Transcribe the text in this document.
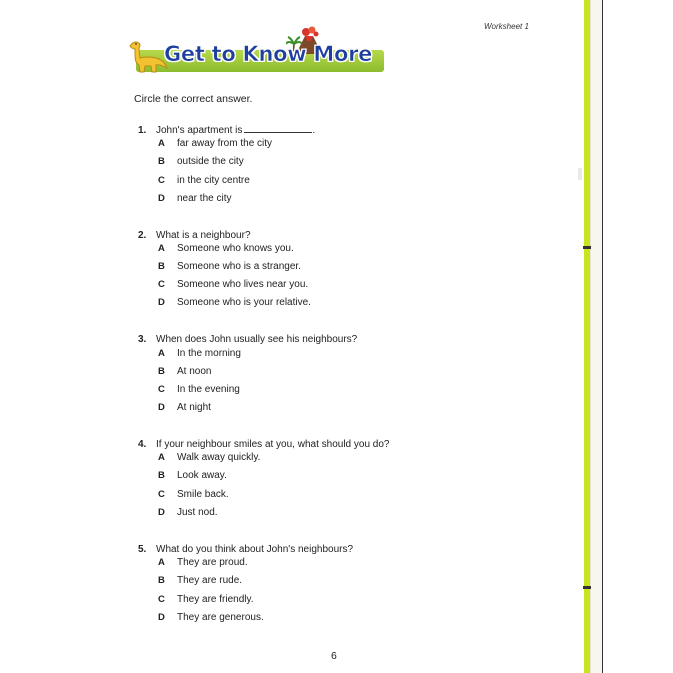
Worksheet 1
Get to Know More
Circle the correct answer.
1. John's apartment is	.
A far away from the city
B outside the city
C in the city centre
D near the city
2. What is a neighbour?
A Someone who knows you.
B Someone who is a stranger.
C Someone who lives near you.
D Someone who is your relative.
3. When does John usually see his neighbours?
A In the morning
B At noon
C In the evening
D At night
4. If your neighbour smiles at you, what should you do?
A Walk away quickly.
B Look away.
C Smile back.
D Just nod.
5. What do you think about John's neighbours?
A They are proud.
B They are rude.
C They are friendly.
D They are generous.
6
